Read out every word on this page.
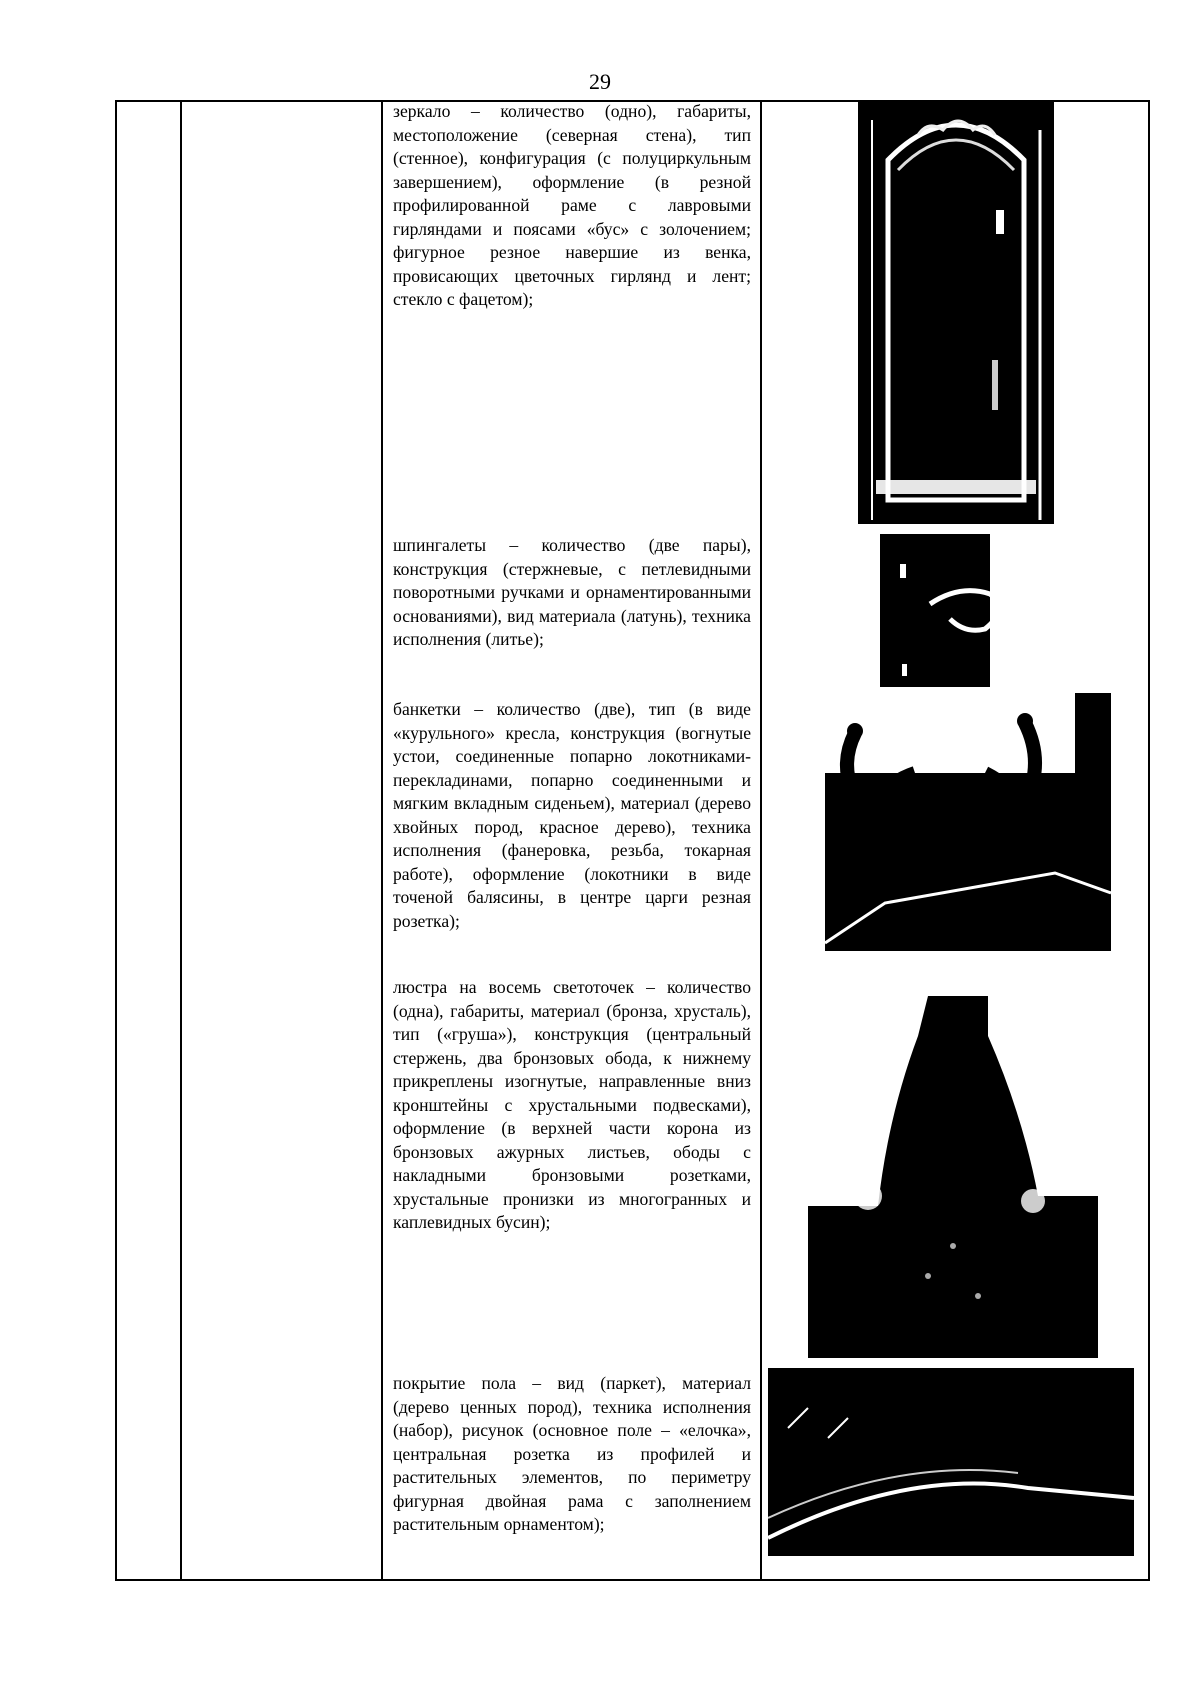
29
зеркало – количество (одно), габариты, местоположение (северная стена), тип (стенное), конфигурация (с полуциркульным завершением), оформление (в резной профилированной раме с лавровыми гирляндами и поясами «бус» с золочением; фигурное резное навершие из венка, провисающих цветочных гирлянд и лент; стекло с фацетом);
шпингалеты – количество (две пары), конструкция (стержневые, с петлевидными поворотными ручками и орнаментированными основаниями), вид материала (латунь), техника исполнения (литье);
банкетки – количество (две), тип (в виде «курульного» кресла, конструкция (вогнутые устои, соединенные попарно локотниками-перекладинами, попарно соединенными и мягким вкладным сиденьем), материал (дерево хвойных пород, красное дерево), техника исполнения (фанеровка, резьба, токарная работе), оформление (локотники в виде точеной балясины, в центре царги резная розетка);
люстра на восемь светоточек – количество (одна), габариты, материал (бронза, хрусталь), тип («груша»), конструкция (центральный стержень, два бронзовых обода, к нижнему прикреплены изогнутые, направленные вниз кронштейны с хрустальными подвесками), оформление (в верхней части корона из бронзовых ажурных листьев, ободы с накладными бронзовыми розетками, хрустальные пронизки из многогранных и каплевидных бусин);
покрытие пола – вид (паркет), материал (дерево ценных пород), техника исполнения (набор), рисунок (основное поле – «елочка», центральная розетка из профилей и растительных элементов, по периметру фигурная двойная рама с заполнением растительным орнаментом);
